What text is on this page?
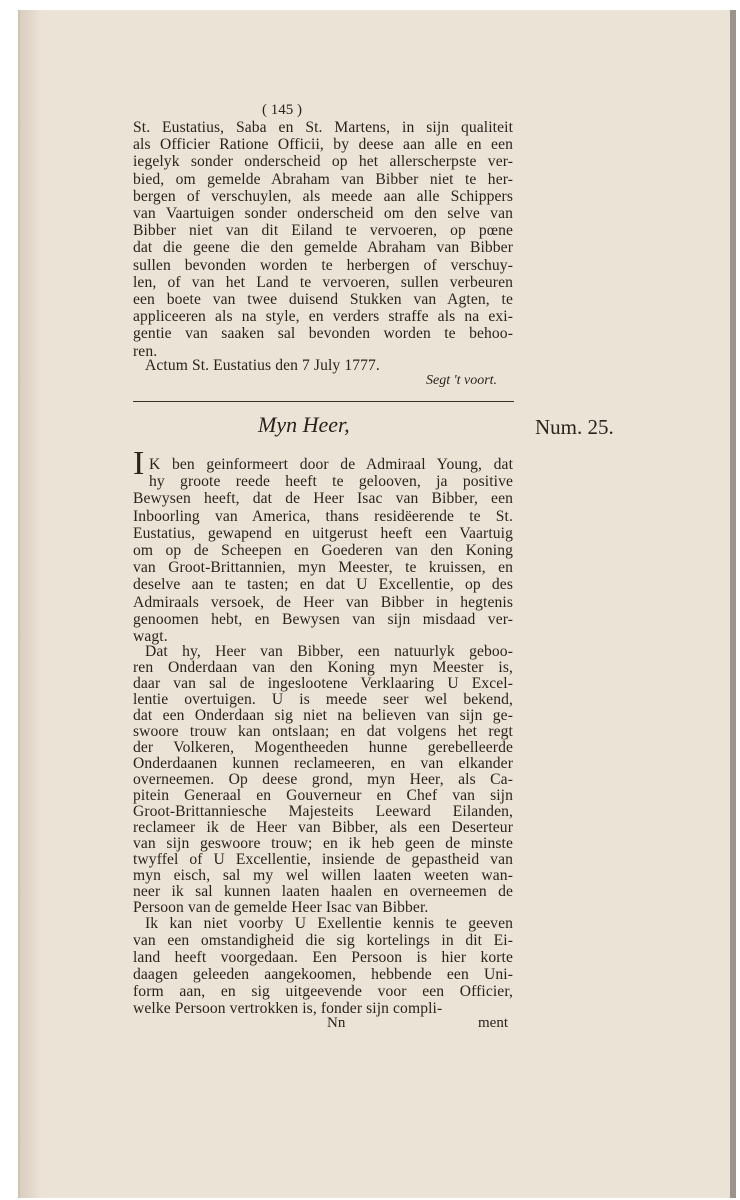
( 145 )
St. Eustatius, Saba en St. Martens, in sijn qualiteit
als Officier Ratione Officii, by deese aan alle en een
iegelyk sonder onderscheid op het allerscherpste ver-
bied, om gemelde Abraham van Bibber niet te her-
bergen of verschuylen, als meede aan alle Schippers
van Vaartuigen sonder onderscheid om den selve van
Bibber niet van dit Eiland te vervoeren, op pœne
dat die geene die den gemelde Abraham van Bibber
sullen bevonden worden te herbergen of verschuy-
len, of van het Land te vervoeren, sullen verbeuren
een boete van twee duisend Stukken van Agten, te
appliceeren als na style, en verders straffe als na exi-
gentie van saaken sal bevonden worden te behoo-
ren.
Actum St. Eustatius den 7 July 1777.
Segt 't voort.
Myn Heer,	Num. 25.
I K ben geinformeert door de Admiraal Young, dat
hy groote reede heeft te gelooven, ja positive
Bewysen heeft, dat de Heer Isac van Bibber, een
Inboorling van America, thans residëerende te St.
Eustatius, gewapend en uitgerust heeft een Vaartuig
om op de Scheepen en Goederen van den Koning
van Groot-Brittannien, myn Meester, te kruissen, en
deselve aan te tasten; en dat U Excellentie, op des
Admiraals versoek, de Heer van Bibber in hegtenis
genoomen hebt, en Bewysen van sijn misdaad ver-
wagt.
Dat hy, Heer van Bibber, een natuurlyk geboo-
ren Onderdaan van den Koning myn Meester is,
daar van sal de ingeslootene Verklaaring U Excel-
lentie overtuigen. U is meede seer wel bekend,
dat een Onderdaan sig niet na believen van sijn ge-
swoore trouw kan ontslaan; en dat volgens het regt
der Volkeren, Mogentheeden hunne gerebelleerde
Onderdaanen kunnen reclameeren, en van elkander
overneemen. Op deese grond, myn Heer, als Ca-
pitein Generaal en Gouverneur en Chef van sijn
Groot-Brittanniesche Majesteits Leeward Eilanden,
reclameer ik de Heer van Bibber, als een Deserteur
van sijn geswoore trouw; en ik heb geen de minste
twyffel of U Excellentie, insiende de gepastheid van
myn eisch, sal my wel willen laaten weeten wan-
neer ik sal kunnen laaten haalen en overneemen de
Persoon van de gemelde Heer Isac van Bibber.
Ik kan niet voorby U Exellentie kennis te geeven
van een omstandigheid die sig kortelings in dit Ei-
land heeft voorgedaan. Een Persoon is hier korte
daagen geleeden aangekoomen, hebbende een Uni-
form aan, en sig uitgeevende voor een Officier,
welke Persoon vertrokken is, fonder sijn compli-
Nn	ment
